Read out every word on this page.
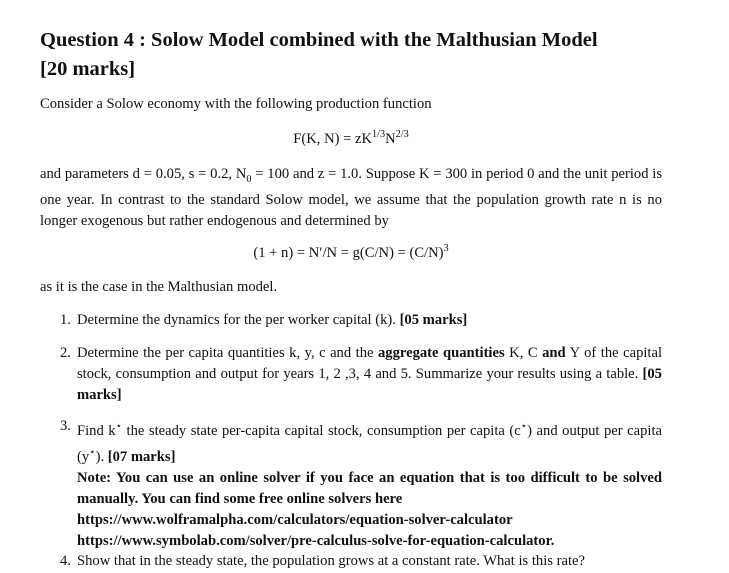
Question 4 : Solow Model combined with the Malthusian Model
[20 marks]
Consider a Solow economy with the following production function
F(K, $N) = zK^{1/3}N^{2/3}$
and parameters d = 0.05, s = 0.2, $N_0 = 100$ and z = 1.0. Suppose K = 300 in period 0 and the unit period is one year. In contrast to the standard Solow model, we assume that the population growth rate n is no longer exogenous but rather endogenous and determined by
$(1 + n) = N'/N = g(C/N) = (C/N)^3$
as it is the case in the Malthusian model.
1. Determine the dynamics for the per worker capital (k). [05 marks]
2. Determine the per capita quantities k, y, c and the aggregate quantities K, C and Y of the capital stock, consumption and output for years 1, 2 ,3, 4 and 5. Summarize your results using a table. [05 marks]
3. Find k⋆ the steady state per-capita capital stock, consumption per capita (c⋆) and output per capita (y⋆). [07 marks]
Note: You can use an online solver if you face an equation that is too difficult to be solved manually. You can find some free online solvers here
https://www.wolframalpha.com/calculators/equation-solver-calculator
https://www.symbolab.com/solver/pre-calculus-solve-for-equation-calculator.
4. Show that in the steady state, the population grows at a constant rate. What is this rate?
